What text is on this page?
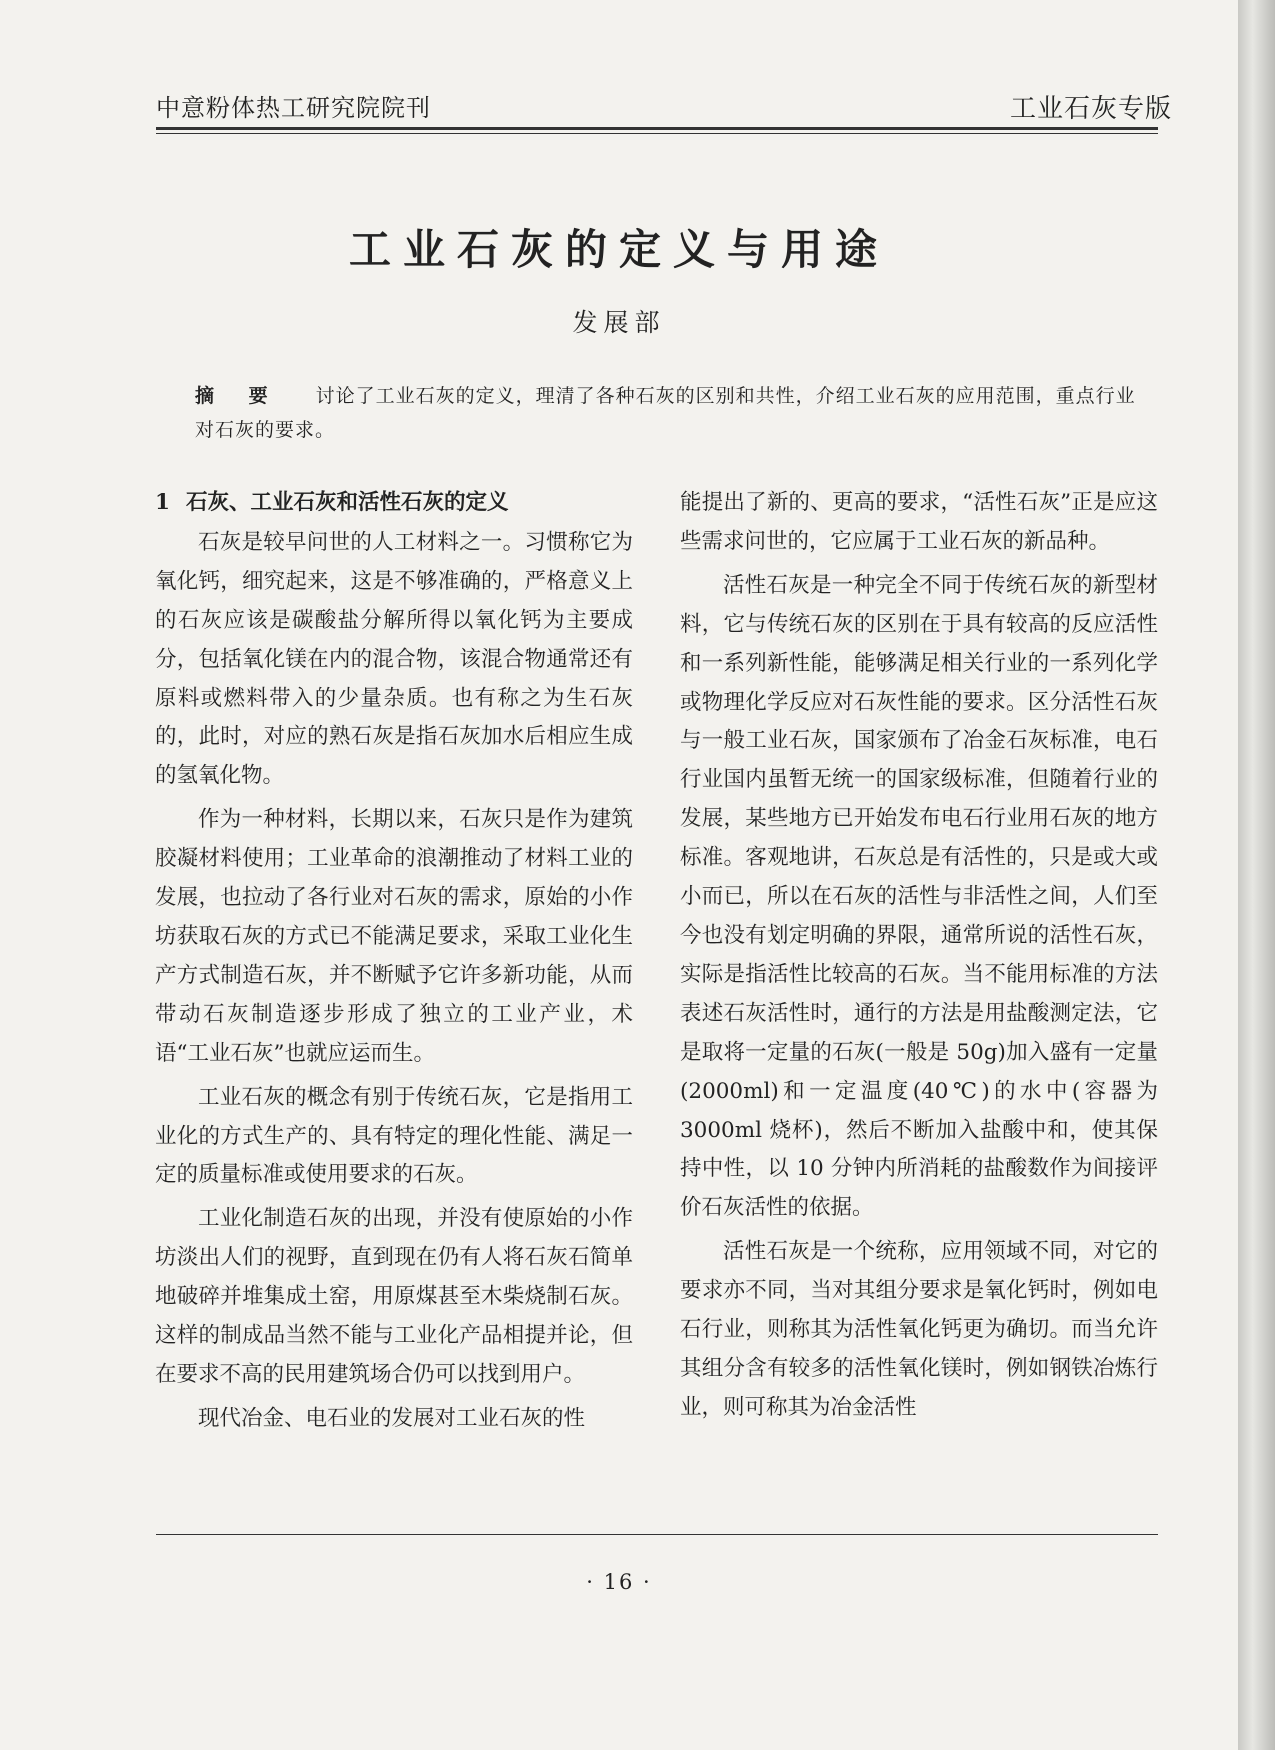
中意粉体热工研究院院刊	工业石灰专版
工业石灰的定义与用途
发展部
摘 要 讨论了工业石灰的定义，理清了各种石灰的区别和共性，介绍工业石灰的应用范围，重点行业对石灰的要求。
1 石灰、工业石灰和活性石灰的定义

石灰是较早问世的人工材料之一。习惯称它为氧化钙，细究起来，这是不够准确的，严格意义上的石灰应该是碳酸盐分解所得以氧化钙为主要成分，包括氧化镁在内的混合物，该混合物通常还有原料或燃料带入的少量杂质。也有称之为生石灰的，此时，对应的熟石灰是指石灰加水后相应生成的氢氧化物。

作为一种材料，长期以来，石灰只是作为建筑胶凝材料使用；工业革命的浪潮推动了材料工业的发展，也拉动了各行业对石灰的需求，原始的小作坊获取石灰的方式已不能满足要求，采取工业化生产方式制造石灰，并不断赋予它许多新功能，从而带动石灰制造逐步形成了独立的工业产业，术语“工业石灰”也就应运而生。

工业石灰的概念有别于传统石灰，它是指用工业化的方式生产的、具有特定的理化性能、满足一定的质量标准或使用要求的石灰。

工业化制造石灰的出现，并没有使原始的小作坊淡出人们的视野，直到现在仍有人将石灰石简单地破碎并堆集成土窑，用原煤甚至木柴烧制石灰。这样的制成品当然不能与工业化产品相提并论，但在要求不高的民用建筑场合仍可以找到用户。

现代冶金、电石业的发展对工业石灰的性

能提出了新的、更高的要求，“活性石灰”正是应这些需求问世的，它应属于工业石灰的新品种。

活性石灰是一种完全不同于传统石灰的新型材料，它与传统石灰的区别在于具有较高的反应活性和一系列新性能，能够满足相关行业的一系列化学或物理化学反应对石灰性能的要求。区分活性石灰与一般工业石灰，国家颁布了冶金石灰标准，电石行业国内虽暂无统一的国家级标准，但随着行业的发展，某些地方已开始发布电石行业用石灰的地方标准。客观地讲，石灰总是有活性的，只是或大或小而已，所以在石灰的活性与非活性之间，人们至今也没有划定明确的界限，通常所说的活性石灰，实际是指活性比较高的石灰。当不能用标准的方法表述石灰活性时，通行的方法是用盐酸测定法，它是取将一定量的石灰(一般是 50g)加入盛有一定量(2000ml)和一定温度(40℃)的水中(容器为 3000ml 烧杯)，然后不断加入盐酸中和，使其保持中性，以 10 分钟内所消耗的盐酸数作为间接评价石灰活性的依据。

活性石灰是一个统称，应用领域不同，对它的要求亦不同，当对其组分要求是氧化钙时，例如电石行业，则称其为活性氧化钙更为确切。而当允许其组分含有较多的活性氧化镁时，例如钢铁冶炼行业，则可称其为冶金活性

· 16 ·
